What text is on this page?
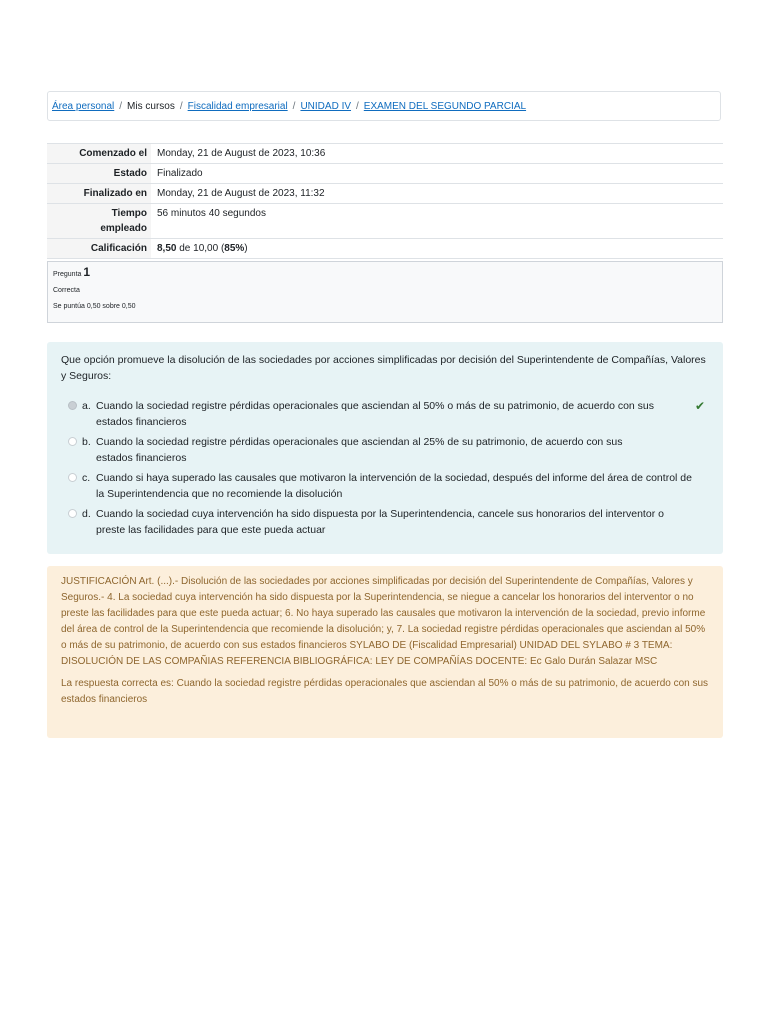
Área personal / Mis cursos / Fiscalidad empresarial / UNIDAD IV / EXAMEN DEL SEGUNDO PARCIAL
Comenzado el	Monday, 21 de August de 2023, 10:36
Estado	Finalizado
Finalizado en	Monday, 21 de August de 2023, 11:32
Tiempo
empleado	56 minutos 40 segundos
Calificación	8,50 de 10,00 (85%)
Pregunta 1
Correcta
Se puntúa 0,50 sobre 0,50
Que opción promueve la disolución de las sociedades por acciones simplificadas por decisión del Superintendente de Compañías, Valores y Seguros:
a. Cuando la sociedad registre pérdidas operacionales que asciendan al 50% o más de su patrimonio, de acuerdo con sus estados financieros
✔
b. Cuando la sociedad registre pérdidas operacionales que asciendan al 25% de su patrimonio, de acuerdo con sus estados financieros
c. Cuando si haya superado las causales que motivaron la intervención de la sociedad, después del informe del área de control de la Superintendencia que no recomiende la disolución
d. Cuando la sociedad cuya intervención ha sido dispuesta por la Superintendencia, cancele sus honorarios del interventor o preste las facilidades para que este pueda actuar

JUSTIFICACIÓN Art. (...).- Disolución de las sociedades por acciones simplificadas por decisión del Superintendente de Compañías, Valores y Seguros.- 4. La sociedad cuya intervención ha sido dispuesta por la Superintendencia, se niegue a cancelar los honorarios del interventor o no preste las facilidades para que este pueda actuar; 6. No haya superado las causales que motivaron la intervención de la sociedad, previo informe del área de control de la Superintendencia que recomiende la disolución; y, 7. La sociedad registre pérdidas operacionales que asciendan al 50% o más de su patrimonio, de acuerdo con sus estados financieros SYLABO DE (Fiscalidad Empresarial) UNIDAD DEL SYLABO # 3 TEMA: DISOLUCIÓN DE LAS COMPAÑIAS REFERENCIA BIBLIOGRÁFICA: LEY DE COMPAÑÍAS DOCENTE: Ec Galo Durán Salazar MSC

La respuesta correcta es: Cuando la sociedad registre pérdidas operacionales que asciendan al 50% o más de su patrimonio, de acuerdo con sus estados financieros
